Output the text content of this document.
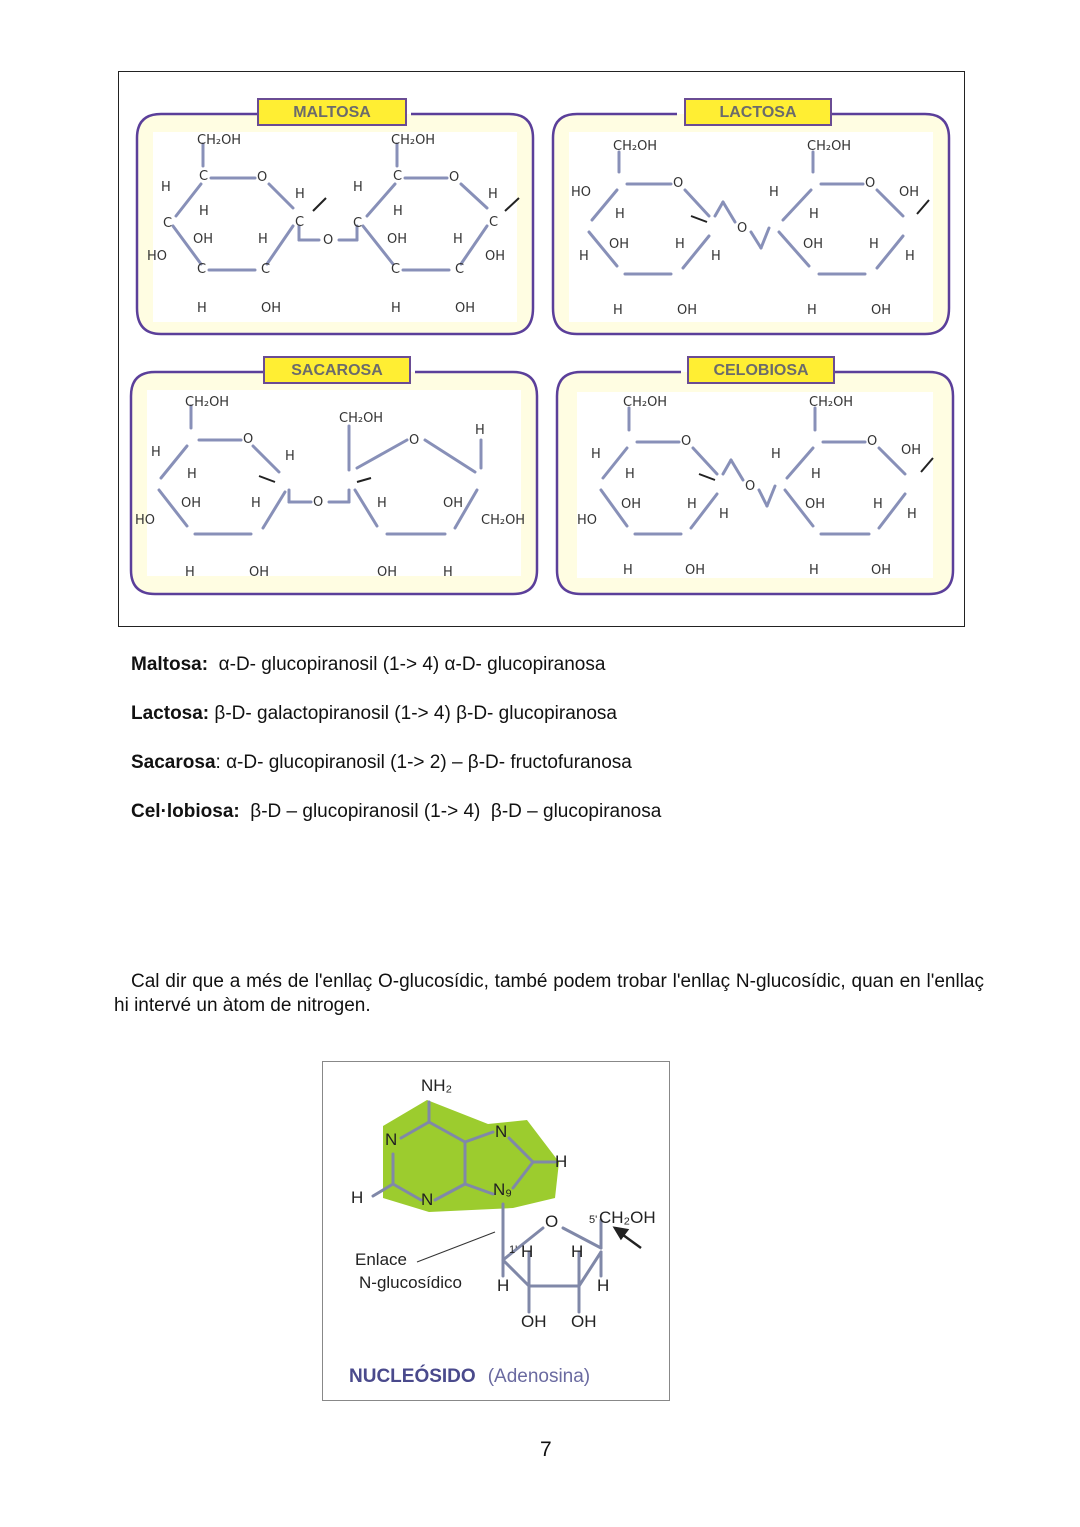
MALTOSA
CH₂OH
C	O
H
H
C
OH	H
H
C
HO
C	C
H	OH
O
CH₂OH
C	O
H
H
C
OH	H
H
C
OH
C	C
H	OH
LACTOSA
CH₂OH
O
HO
H
OH
H
H
H
H	OH
O
CH₂OH
O
H
H
OH
OH	H
H
H	OH
SACAROSA
CH₂OH
O
H
H
H
OH	H
HO
H	OH
O
CH₂OH
O
H
H	OH
CH₂OH
OH	H
CELOBIOSA
CH₂OH
O
H
H
OH	H
H
HO
H	OH
O
CH₂OH
O
H
H
OH
OH	H
H
H	OH
Maltosa:  α-D- glucopiranosil (1-> 4) α-D- glucopiranosa
Lactosa: β-D- galactopiranosil (1-> 4) β-D- glucopiranosa
Sacarosa: α-D- glucopiranosil (1-> 2) – β-D- fructofuranosa
Cel·lobiosa:  β-D – glucopiranosil (1-> 4)  β-D – glucopiranosa

Cal dir que a més de l'enllaç O-glucosídic, també podem trobar l'enllaç N-glucosídic, quan en l'enllaç hi intervé un àtom de nitrogen.

NH₂
N	N
H
H	N
N₉
O	5' CH₂OH
1' H H
Enlace
N-glucosídico H	H
OH OH
NUCLEÓSIDO (Adenosina)
7
